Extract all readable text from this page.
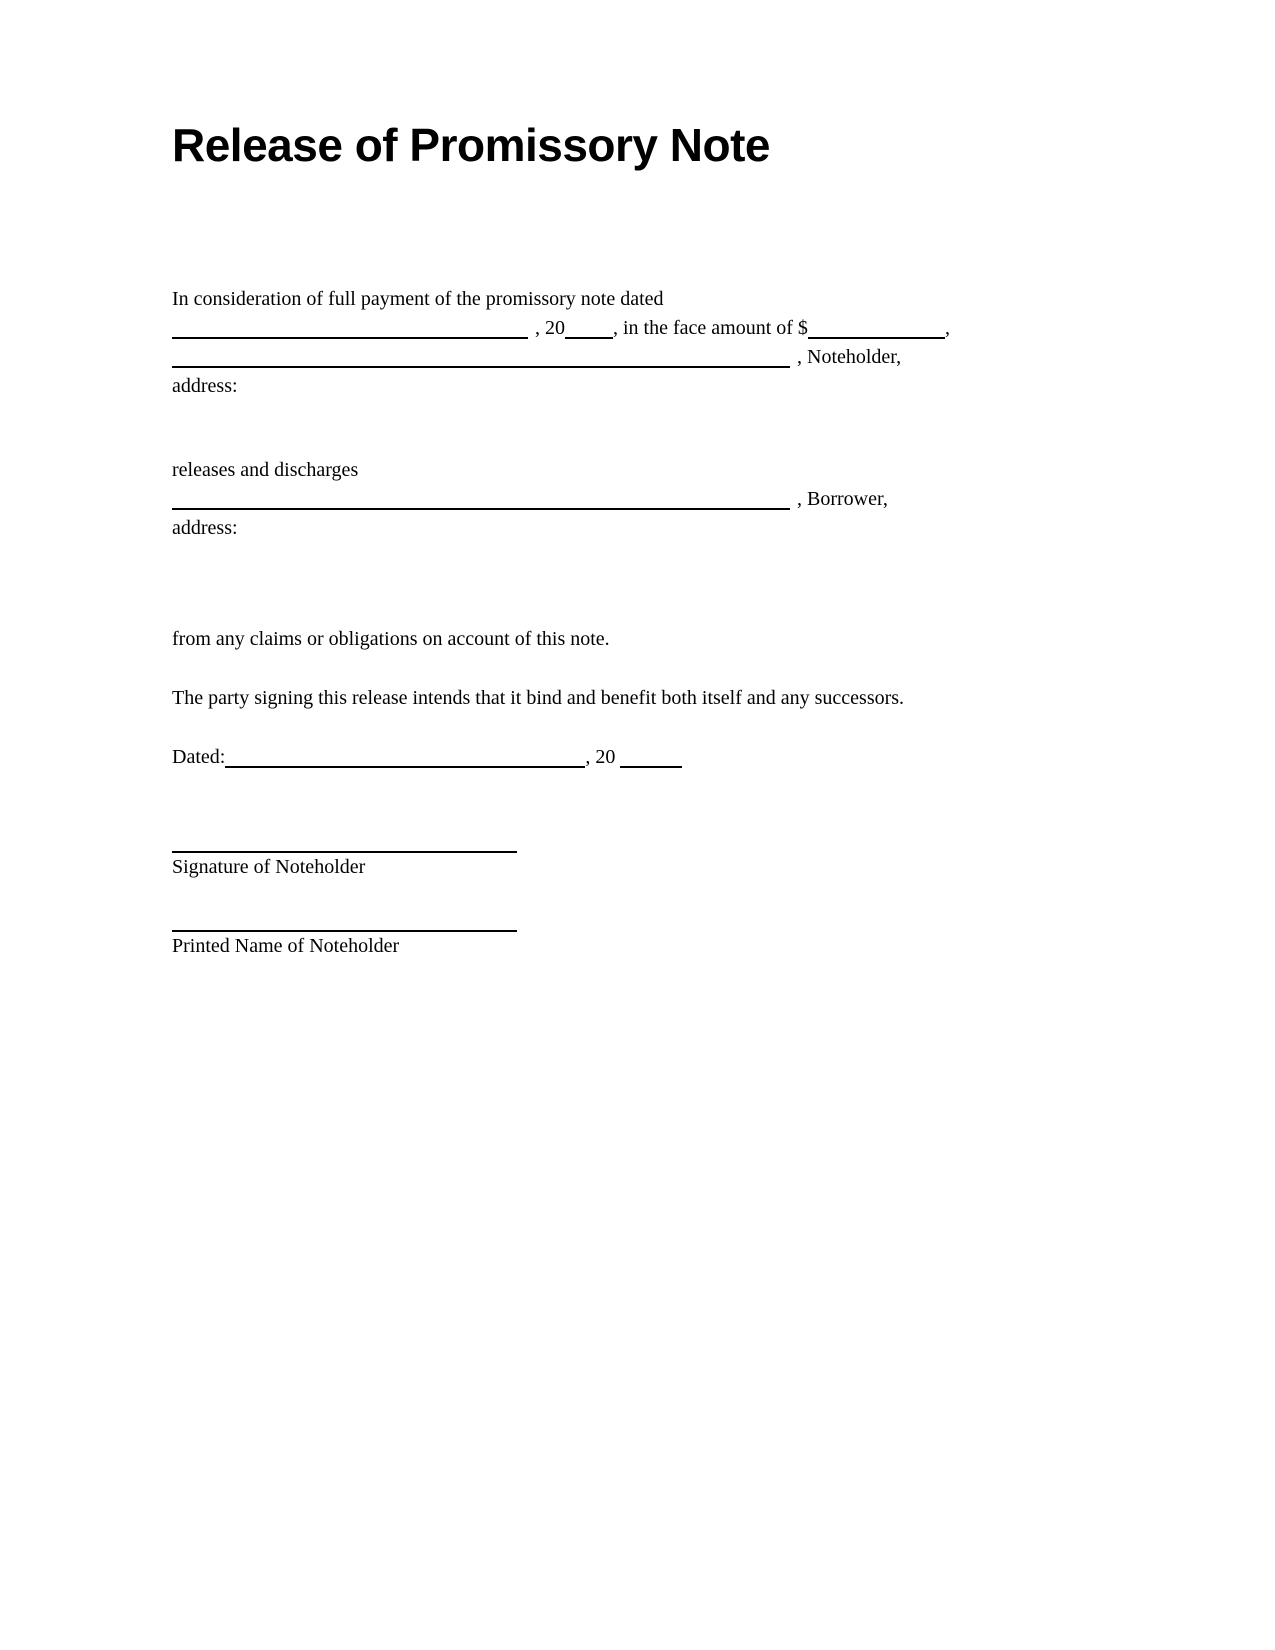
Release of Promissory Note

In consideration of full payment of the promissory note dated
, 20 , in the face amount of $	,
, Noteholder,
address:

releases and discharges
, Borrower,
address:

from any claims or obligations on account of this note.

The party signing this release intends that it bind and benefit both itself and any successors.

Dated:	, 20

Signature of Noteholder
Printed Name of Noteholder
